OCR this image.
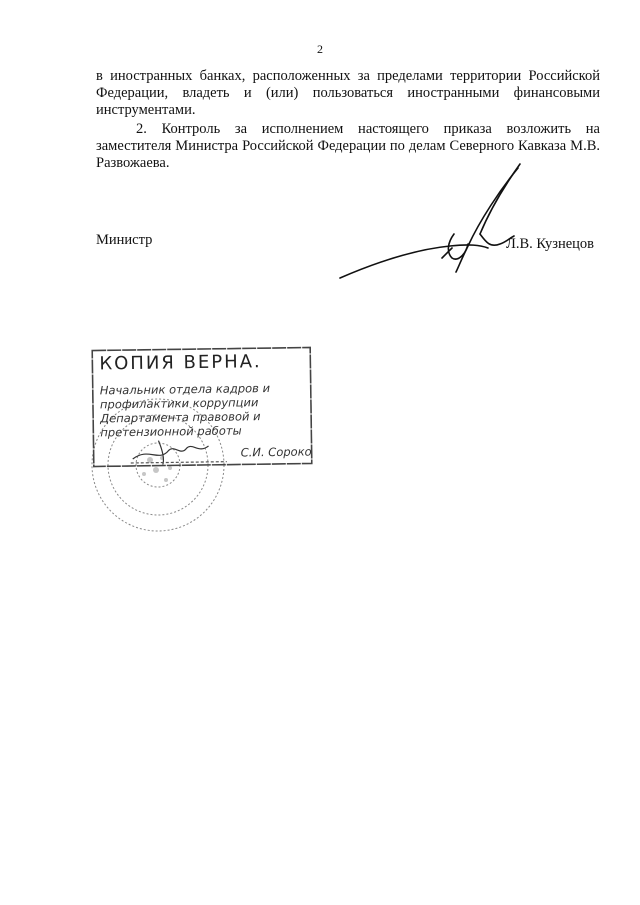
2
в иностранных банках, расположенных за пределами территории Российской Федерации, владеть и (или) пользоваться иностранными финансовыми инструментами.
2. Контроль за исполнением настоящего приказа возложить на заместителя Министра Российской Федерации по делам Северного Кавказа М.В. Развожаева.
Министр	Л.В. Кузнецов
КОПИЯ ВЕРНА.
Начальник отдела кадров и
профилактики коррупции
Департамента правовой и
претензионной работы
С.И. Сороко
